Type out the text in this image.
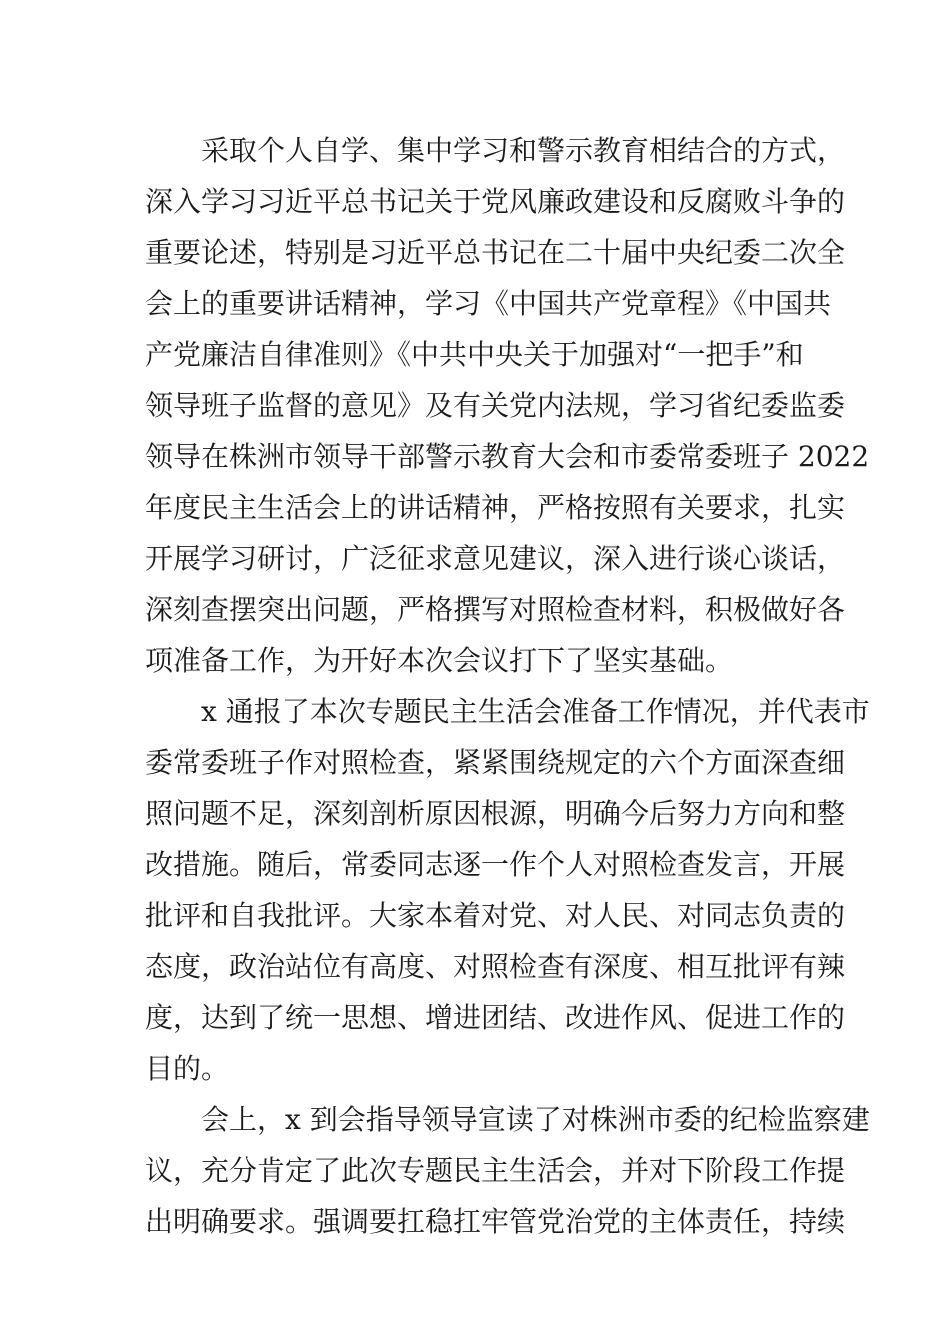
　　采取个人自学、集中学习和警示教育相结合的方式，
深入学习习近平总书记关于党风廉政建设和反腐败斗争的
重要论述，特别是习近平总书记在二十届中央纪委二次全
会上的重要讲话精神，学习《中国共产党章程》《中国共
产党廉洁自律准则》《中共中央关于加强对“一把手”和
领导班子监督的意见》及有关党内法规，学习省纪委监委
领导在株洲市领导干部警示教育大会和市委常委班子 2022
年度民主生活会上的讲话精神，严格按照有关要求，扎实
开展学习研讨，广泛征求意见建议，深入进行谈心谈话，
深刻查摆突出问题，严格撰写对照检查材料，积极做好各
项准备工作，为开好本次会议打下了坚实基础。
　　x 通报了本次专题民主生活会准备工作情况，并代表市
委常委班子作对照检查，紧紧围绕规定的六个方面深查细
照问题不足，深刻剖析原因根源，明确今后努力方向和整
改措施。随后，常委同志逐一作个人对照检查发言，开展
批评和自我批评。大家本着对党、对人民、对同志负责的
态度，政治站位有高度、对照检查有深度、相互批评有辣
度，达到了统一思想、增进团结、改进作风、促进工作的
目的。
　　会上，x 到会指导领导宣读了对株洲市委的纪检监察建
议，充分肯定了此次专题民主生活会，并对下阶段工作提
出明确要求。强调要扛稳扛牢管党治党的主体责任，持续
